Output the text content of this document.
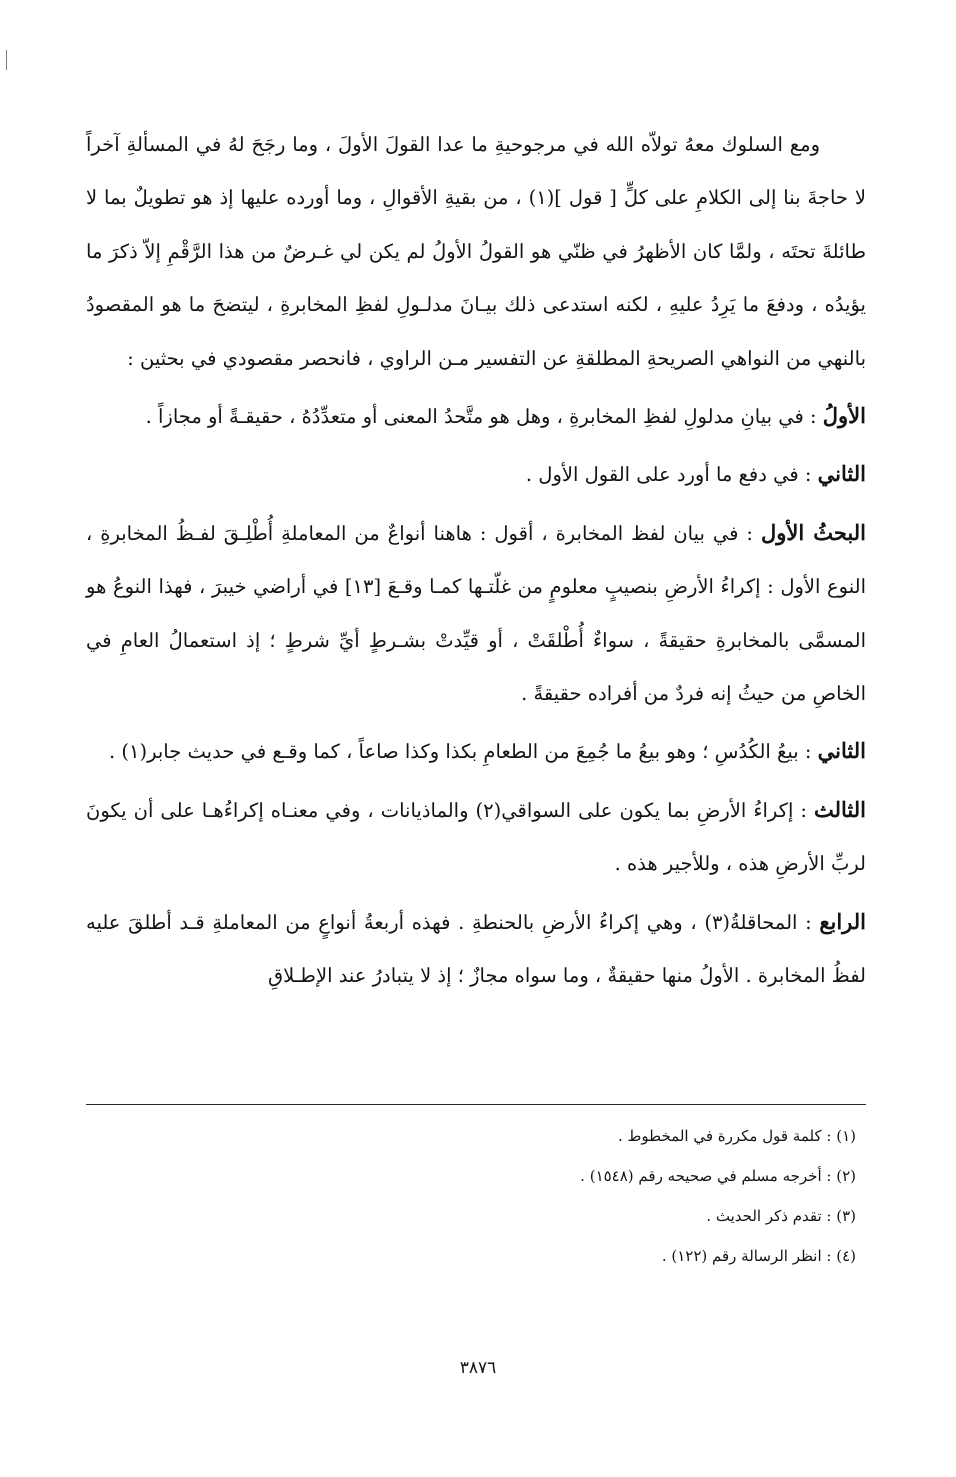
ومع السلوك معهُ تولاّه الله في مرجوحيةِ ما عدا القولَ الأولَ ، وما رجَحَ لهُ في المسألةِ آخراً لا حاجةَ بنا إلى الكلامِ على كلٍّ [ قول ](١) ، من بقيةِ الأقوالِ ، وما أورده عليها إذ هو تطويلٌ بما لا طائلةَ تحتَه ، ولمَّا كان الأظهرُ في ظنّي هو القولُ الأولُ لم يكن لي غـرضٌ من هذا الرَّقْمِ إلاّ ذكرَ ما يؤيدُه ، ودفعَ ما يَرِدُ عليهِ ، لكنه استدعى ذلك بيـانَ مدلـولِ لفظِ المخابرةِ ، ليتضحَ ما هو المقصودُ بالنهي من النواهي الصريحةِ المطلقةِ عن التفسير مـن الراوي ، فانحصر مقصودي في بحثين :

الأولُ : في بيانِ مدلولِ لفظِ المخابرةِ ، وهل هو متَّحدُ المعنى أو متعدِّدُهُ ، حقيقـةً أو مجازاً .

الثاني : في دفع ما أورد على القول الأول .

البحثُ الأول : في بيان لفظ المخابرة ، أقول : هاهنا أنواعٌ من المعاملةِ أُطْلِـقَ لفـظُ المخابرةِ ، النوع الأول : إكراءُ الأرضِ بنصيبٍ معلومٍ من غلّتـها كمـا وقـعَ [١٣] في أراضي خيبرَ ، فهذا النوعُ هو المسمَّى بالمخابرةِ حقيقةً ، سواءٌ أُطْلقَتْ ، أو قيِّدتْ بشـرطٍ أيِّ شرطٍ ؛ إذ استعمالُ العامِ في الخاصِ من حيثُ إنه فردٌ من أفراده حقيقةً .

الثاني : بيعُ الكُدُسِ ؛ وهو بيعُ ما جُمِعَ من الطعامِ بكذا وكذا صاعاً ، كما وقـع في حديث جابر(١) .

الثالث : إكراءُ الأرضِ بما يكون على السواقي(٢) والماذيانات ، وفي معنـاه إكراءُهـا على أن يكونَ لربِّ الأرضِ هذه ، وللأجير هذه .

الرابع : المحاقلةُ(٣) ، وهي إكراءُ الأرضِ بالحنطةِ . فهذه أربعةُ أنواعٍ من المعاملةِ قـد أطلقَ عليه لفظُ المخابرة . الأولُ منها حقيقةٌ ، وما سواه مجازٌ ؛ إذ لا يتبادرُ عند الإطـلاقِ

(١) : كلمة قول مكررة في المخطوط .

(٢) : أخرجه مسلم في صحيحه رقم (١٥٤٨) .

(٣) : تقدم ذكر الحديث .

(٤) : انظر الرسالة رقم (١٢٢) .

٣٨٧٦
